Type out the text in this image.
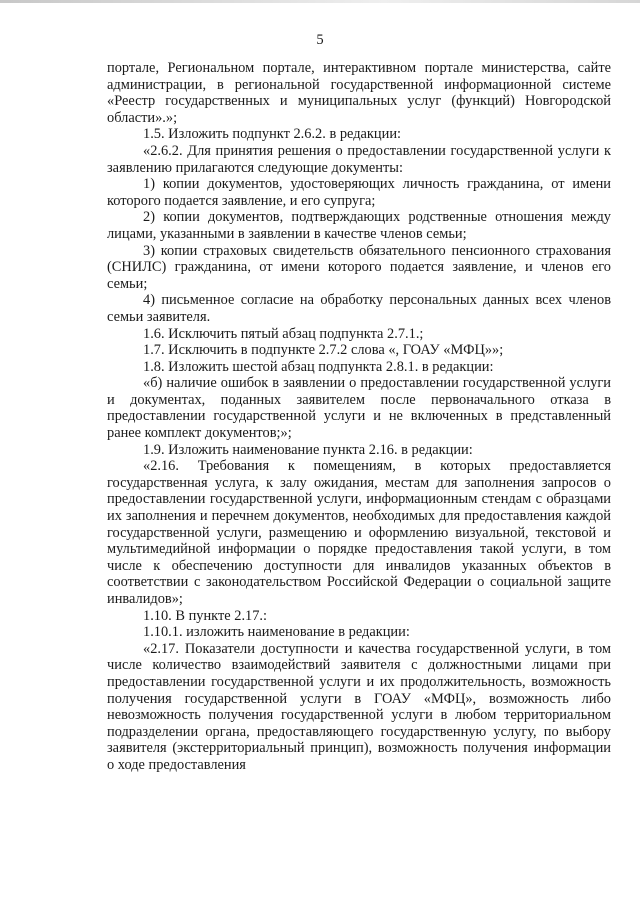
5

порталe, Региональном портале, интерактивном портале министерства, сайте администрации, в региональной государственной информационной системе «Реестр государственных и муниципальных услуг (функций) Новгородской области».»;

1.5. Изложить подпункт 2.6.2. в редакции:

«2.6.2. Для принятия решения о предоставлении государственной услуги к заявлению прилагаются следующие документы:

1) копии документов, удостоверяющих личность гражданина, от имени которого подается заявление, и его супруга;

2) копии документов, подтверждающих родственные отношения между лицами, указанными в заявлении в качестве членов семьи;

3) копии страховых свидетельств обязательного пенсионного страхования (СНИЛС) гражданина, от имени которого подается заявление, и членов его семьи;

4) письменное согласие на обработку персональных данных всех членов семьи заявителя.

1.6. Исключить пятый абзац подпункта 2.7.1.;

1.7. Исключить в подпункте 2.7.2 слова «, ГОАУ «МФЦ»»;

1.8. Изложить шестой абзац подпункта 2.8.1. в редакции:

«б) наличие ошибок в заявлении о предоставлении государственной услуги и документах, поданных заявителем после первоначального отказа в предоставлении государственной услуги и не включенных в представленный ранее комплект документов;»;

1.9. Изложить наименование пункта 2.16. в редакции:

«2.16. Требования к помещениям, в которых предоставляется государственная услуга, к залу ожидания, местам для заполнения запросов о предоставлении государственной услуги, информационным стендам с образцами их заполнения и перечнем документов, необходимых для предоставления каждой государственной услуги, размещению и оформлению визуальной, текстовой и мультимедийной информации о порядке предоставления такой услуги, в том числе к обеспечению доступности для инвалидов указанных объектов в соответствии с законодательством Российской Федерации о социальной защите инвалидов»;

1.10. В пункте 2.17.:

1.10.1. изложить наименование в редакции:

«2.17. Показатели доступности и качества государственной услуги, в том числе количество взаимодействий заявителя с должностными лицами при предоставлении государственной услуги и их продолжительность, возможность получения государственной услуги в ГОАУ «МФЦ», возможность либо невозможность получения государственной услуги в любом территориальном подразделении органа, предоставляющего государственную услугу, по выбору заявителя (экстерриториальный принцип), возможность получения информации о ходе предоставления
